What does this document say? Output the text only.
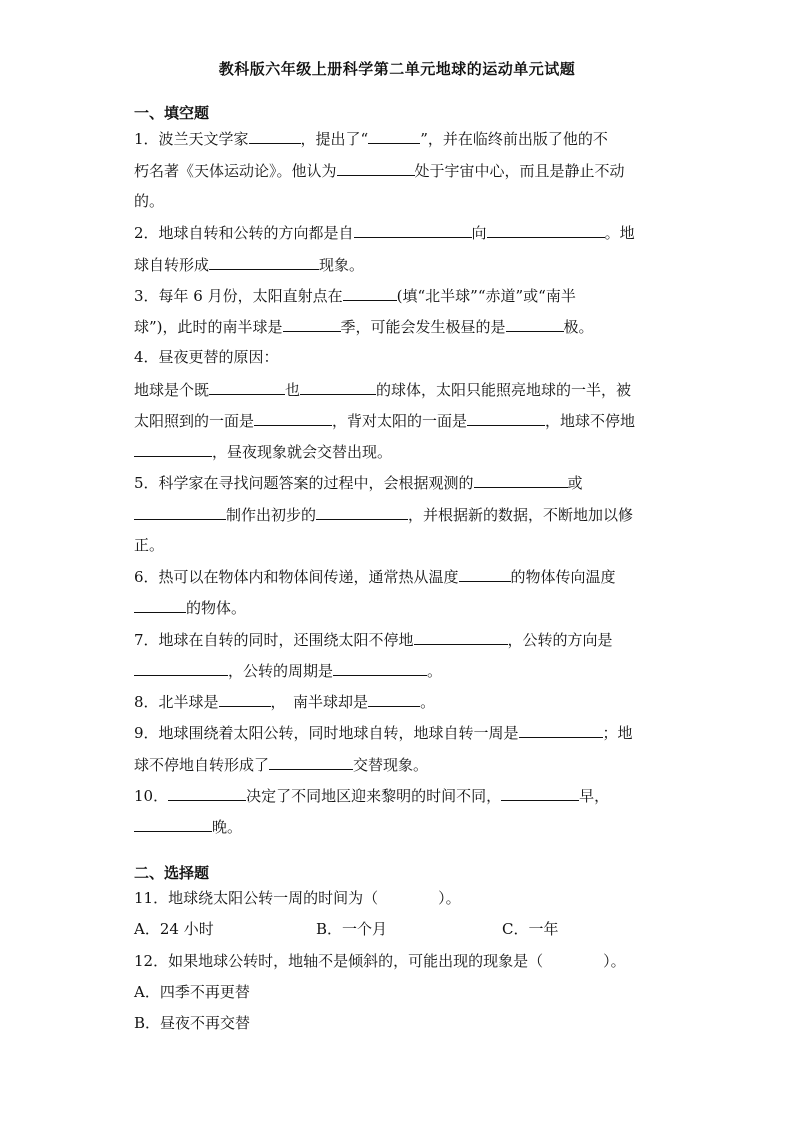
教科版六年级上册科学第二单元地球的运动单元试题
一、填空题
1．波兰天文学家	，提出了“	”，并在临终前出版了他的不
朽名著《天体运动论》。他认为	处于宇宙中心，而且是静止不动
的。
2．地球自转和公转的方向都是自	向	。地
球自转形成	现象。
3．每年 6 月份，太阳直射点在	(填“北半球”“赤道”或“南半
球”)，此时的南半球是	季，可能会发生极昼的是	极。
4．昼夜更替的原因：
地球是个既	也	的球体，太阳只能照亮地球的一半，被
太阳照到的一面是	，背对太阳的一面是	，地球不停地
，昼夜现象就会交替出现。
5．科学家在寻找问题答案的过程中，会根据观测的	或
制作出初步的	，并根据新的数据，不断地加以修
正。
6．热可以在物体内和物体间传递，通常热从温度	的物体传向温度
的物体。
7．地球在自转的同时，还围绕太阳不停地	，公转的方向是
，公转的周期是	。
8．北半球是	，　南半球却是	。
9．地球围绕着太阳公转，同时地球自转，地球自转一周是	；地
球不停地自转形成了	交替现象。
10．	决定了不同地区迎来黎明的时间不同，	早，
晚。
二、选择题
11．地球绕太阳公转一周的时间为（　　　　）。
A．24 小时	B．一个月	C．一年
12．如果地球公转时，地轴不是倾斜的，可能出现的现象是（　　　　）。
A．四季不再更替
B．昼夜不再交替
